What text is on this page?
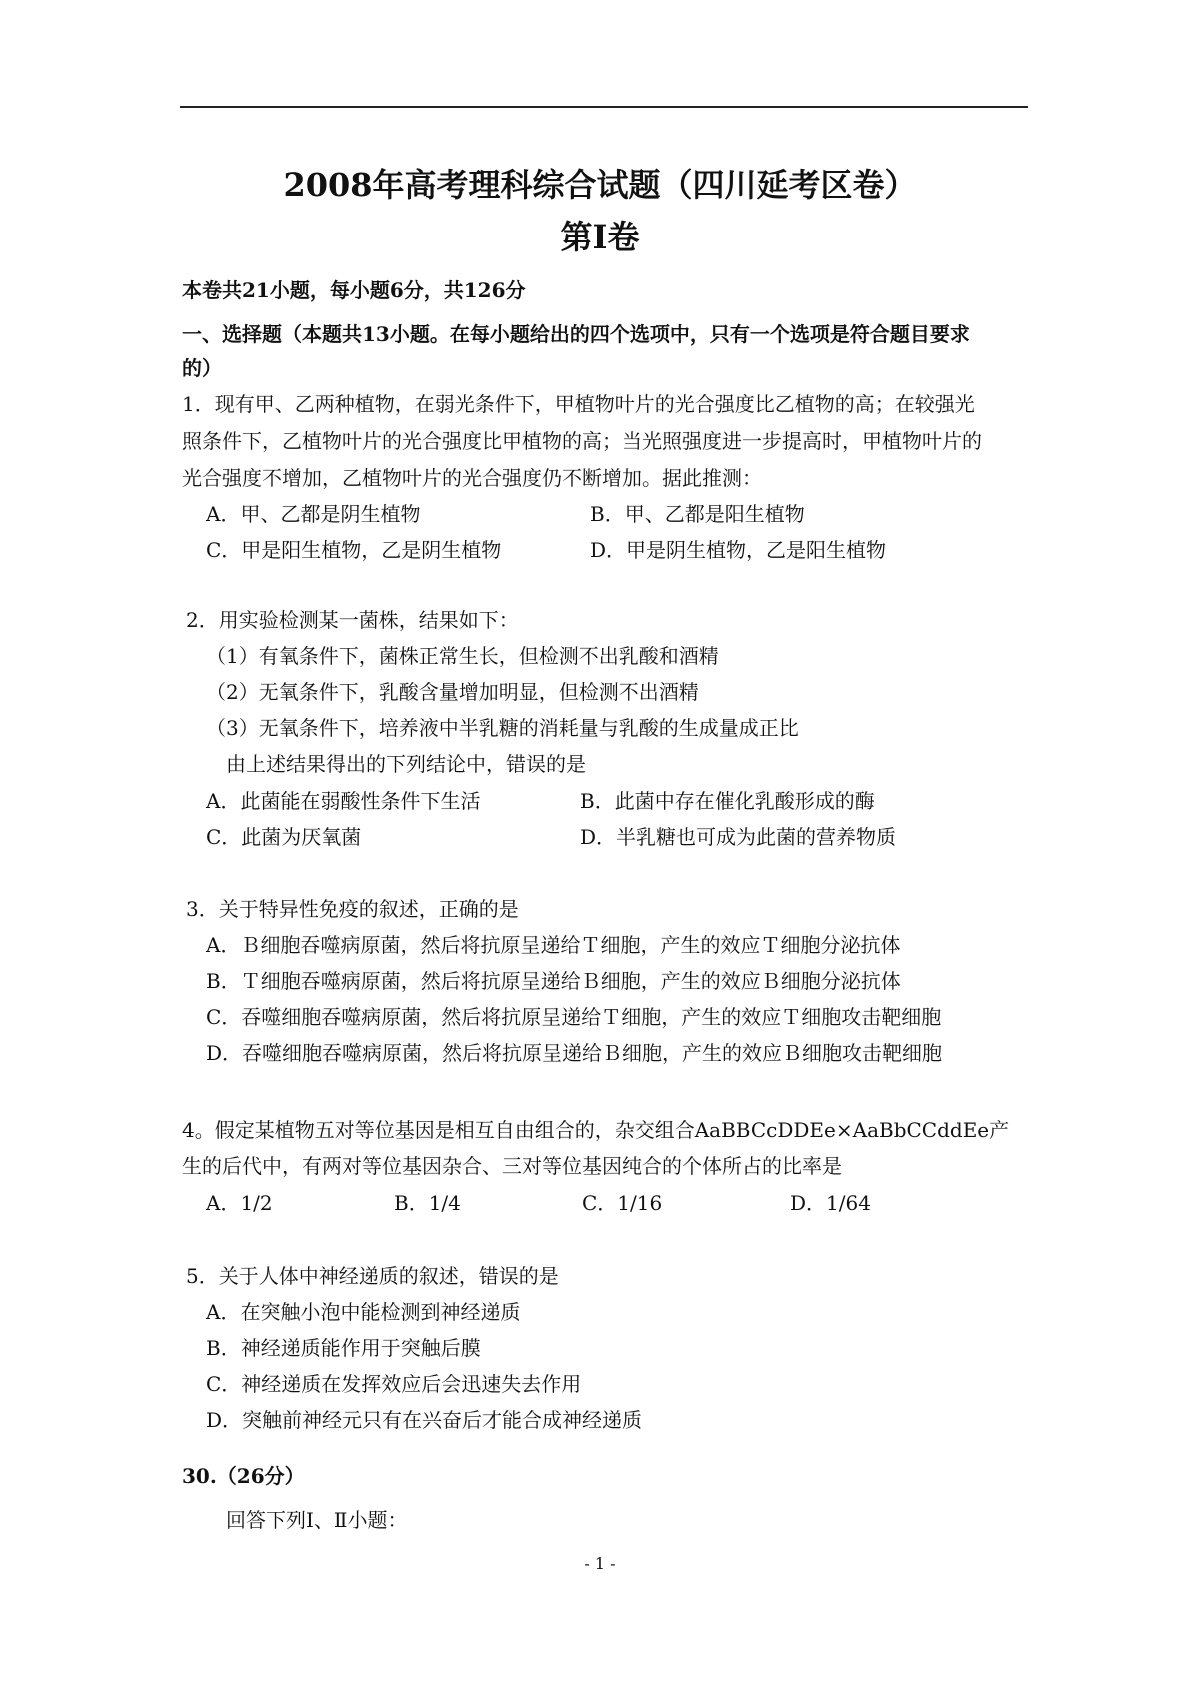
2008年高考理科综合试题（四川延考区卷）
第Ⅰ卷
本卷共21小题，每小题6分，共126分
一、选择题（本题共13小题。在每小题给出的四个选项中，只有一个选项是符合题目要求
的）
1．现有甲、乙两种植物，在弱光条件下，甲植物叶片的光合强度比乙植物的高；在较强光
照条件下，乙植物叶片的光合强度比甲植物的高；当光照强度进一步提高时，甲植物叶片的
光合强度不增加，乙植物叶片的光合强度仍不断增加。据此推测：
A．甲、乙都是阴生植物	B．甲、乙都是阳生植物
C．甲是阳生植物，乙是阴生植物	D．甲是阴生植物，乙是阳生植物
2．用实验检测某一菌株，结果如下：
（1）有氧条件下，菌株正常生长，但检测不出乳酸和酒精
（2）无氧条件下，乳酸含量增加明显，但检测不出酒精
（3）无氧条件下，培养液中半乳糖的消耗量与乳酸的生成量成正比
由上述结果得出的下列结论中，错误的是
A．此菌能在弱酸性条件下生活	B．此菌中存在催化乳酸形成的酶
C．此菌为厌氧菌	D．半乳糖也可成为此菌的营养物质
3．关于特异性免疫的叙述，正确的是
A．Ｂ细胞吞噬病原菌，然后将抗原呈递给Ｔ细胞，产生的效应Ｔ细胞分泌抗体
B．Ｔ细胞吞噬病原菌，然后将抗原呈递给Ｂ细胞，产生的效应Ｂ细胞分泌抗体
C．吞噬细胞吞噬病原菌，然后将抗原呈递给Ｔ细胞，产生的效应Ｔ细胞攻击靶细胞
D．吞噬细胞吞噬病原菌，然后将抗原呈递给Ｂ细胞，产生的效应Ｂ细胞攻击靶细胞
4。假定某植物五对等位基因是相互自由组合的，杂交组合AaBBCcDDEe×AaBbCCddEe产
生的后代中，有两对等位基因杂合、三对等位基因纯合的个体所占的比率是
A．1/2	B．1/4	C．1/16	D．1/64
5．关于人体中神经递质的叙述，错误的是
A．在突触小泡中能检测到神经递质
B．神经递质能作用于突触后膜
C．神经递质在发挥效应后会迅速失去作用
D．突触前神经元只有在兴奋后才能合成神经递质
30.（26分）
回答下列Ⅰ、Ⅱ小题：
- 1 -
